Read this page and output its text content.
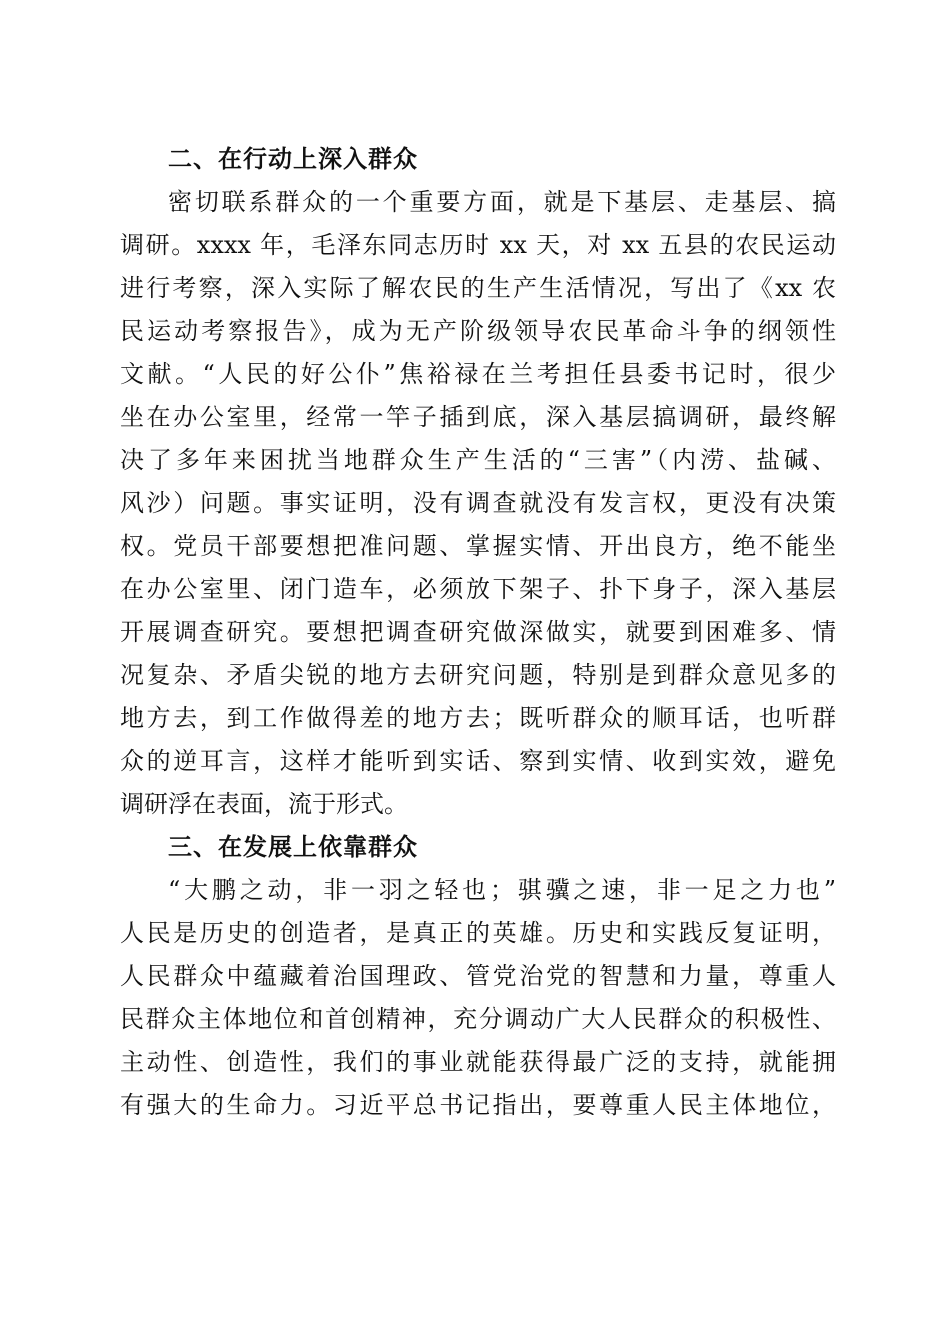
二、在行动上深入群众

密切联系群众的一个重要方面，就是下基层、走基层、搞

调研。xxxx 年，毛泽东同志历时 xx 天，对 xx 五县的农民运动

进行考察，深入实际了解农民的生产生活情况，写出了《xx 农

民运动考察报告》，成为无产阶级领导农民革命斗争的纲领性

文献。“人民的好公仆”焦裕禄在兰考担任县委书记时，很少

坐在办公室里，经常一竿子插到底，深入基层搞调研，最终解

决了多年来困扰当地群众生产生活的“三害”（内涝、盐碱、

风沙）问题。事实证明，没有调查就没有发言权，更没有决策

权。党员干部要想把准问题、掌握实情、开出良方，绝不能坐

在办公室里、闭门造车，必须放下架子、扑下身子，深入基层

开展调查研究。要想把调查研究做深做实，就要到困难多、情

况复杂、矛盾尖锐的地方去研究问题，特别是到群众意见多的

地方去，到工作做得差的地方去；既听群众的顺耳话，也听群

众的逆耳言，这样才能听到实话、察到实情、收到实效，避免

调研浮在表面，流于形式。

三、在发展上依靠群众

“大鹏之动，非一羽之轻也；骐骥之速，非一足之力也”

人民是历史的创造者，是真正的英雄。历史和实践反复证明，

人民群众中蕴藏着治国理政、管党治党的智慧和力量，尊重人

民群众主体地位和首创精神，充分调动广大人民群众的积极性、

主动性、创造性，我们的事业就能获得最广泛的支持，就能拥

有强大的生命力。习近平总书记指出，要尊重人民主体地位，
